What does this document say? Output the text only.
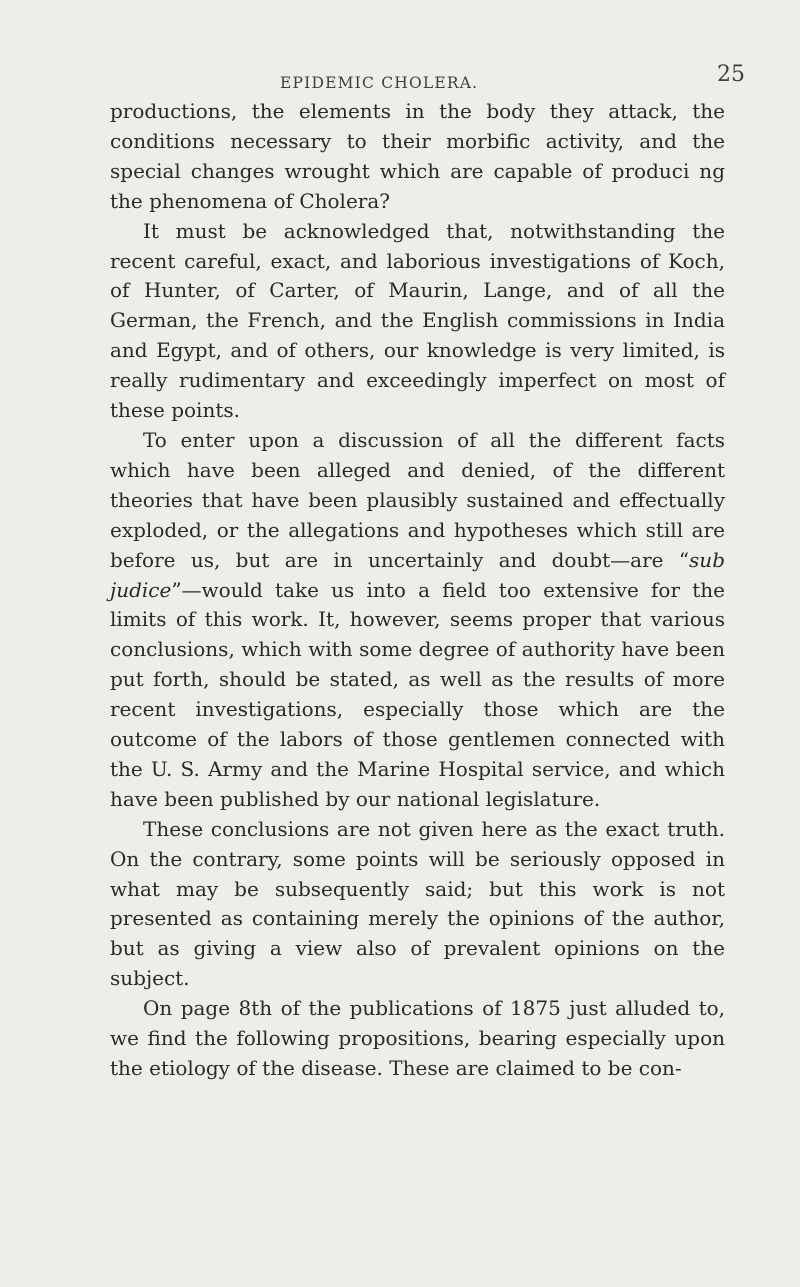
EPIDEMIC CHOLERA.	25

productions, the elements in the body they attack, the conditions necessary to their morbific activity, and the special changes wrought which are capable of produci ng the phenomena of Cholera?

It must be acknowledged that, notwithstanding the recent careful, exact, and laborious investigations of Koch, of Hunter, of Carter, of Maurin, Lange, and of all the German, the French, and the English commissions in India and Egypt, and of others, our knowledge is very limited, is really rudimentary and exceedingly imperfect on most of these points.

To enter upon a discussion of all the different facts which have been alleged and denied, of the different theories that have been plausibly sustained and effectually exploded, or the allegations and hypotheses which still are before us, but are in uncertainly and doubt—are “sub judice”—would take us into a field too extensive for the limits of this work. It, however, seems proper that various conclusions, which with some degree of authority have been put forth, should be stated, as well as the results of more recent investigations, especially those which are the outcome of the labors of those gentlemen connected with the U. S. Army and the Marine Hospital service, and which have been published by our national legislature.

These conclusions are not given here as the exact truth. On the contrary, some points will be seriously opposed in what may be subsequently said; but this work is not presented as containing merely the opinions of the author, but as giving a view also of prevalent opinions on the subject.

On page 8th of the publications of 1875 just alluded to, we find the following propositions, bearing especially upon the etiology of the disease. These are claimed to be con-
